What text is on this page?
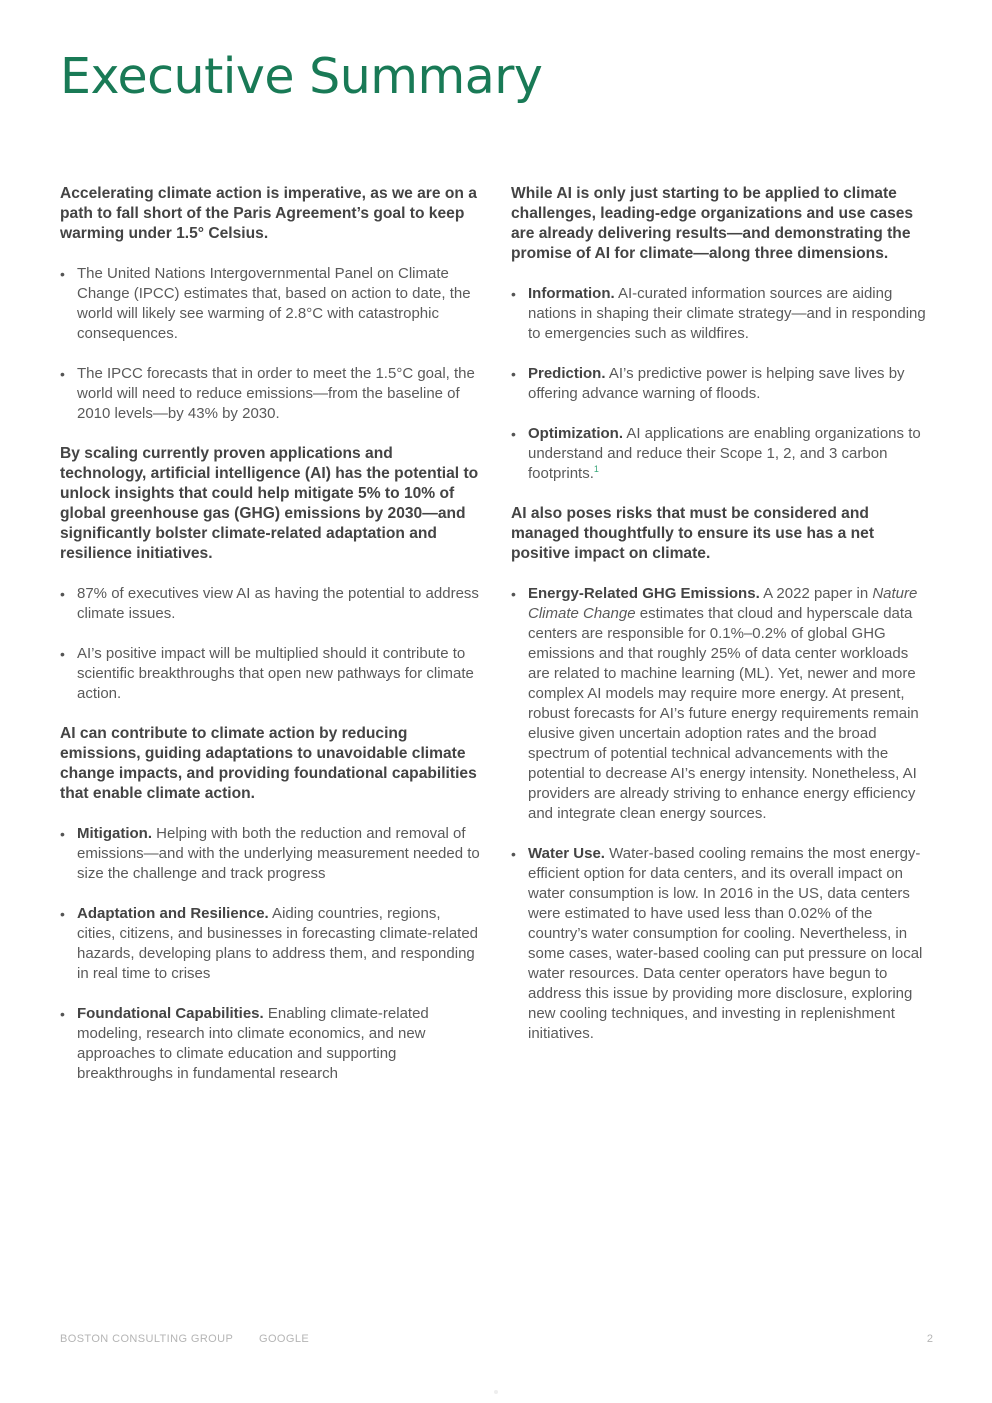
Executive Summary

Accelerating climate action is imperative, as we are on a path to fall short of the Paris Agreement’s goal to keep warming under 1.5° Celsius.

• The United Nations Intergovernmental Panel on Climate Change (IPCC) estimates that, based on action to date, the world will likely see warming of 2.8°C with catastrophic consequences.
• The IPCC forecasts that in order to meet the 1.5°C goal, the world will need to reduce emissions—from the baseline of 2010 levels—by 43% by 2030.

By scaling currently proven applications and technology, artificial intelligence (AI) has the potential to unlock insights that could help mitigate 5% to 10% of global greenhouse gas (GHG) emissions by 2030—and significantly bolster climate-related adaptation and resilience initiatives.

• 87% of executives view AI as having the potential to address climate issues.
• AI’s positive impact will be multiplied should it contribute to scientific breakthroughs that open new pathways for climate action.

AI can contribute to climate action by reducing emissions, guiding adaptations to unavoidable climate change impacts, and providing foundational capabilities that enable climate action.

• Mitigation. Helping with both the reduction and removal of emissions—and with the underlying measurement needed to size the challenge and track progress
• Adaptation and Resilience. Aiding countries, regions, cities, citizens, and businesses in forecasting climate-related hazards, developing plans to address them, and responding in real time to crises
• Foundational Capabilities. Enabling climate-related modeling, research into climate economics, and new approaches to climate education and supporting breakthroughs in fundamental research

While AI is only just starting to be applied to climate challenges, leading-edge organizations and use cases are already delivering results—and demonstrating the promise of AI for climate—along three dimensions.

• Information. AI-curated information sources are aiding nations in shaping their climate strategy—and in responding to emergencies such as wildfires.
• Prediction. AI’s predictive power is helping save lives by offering advance warning of floods.
• Optimization. AI applications are enabling organizations to understand and reduce their Scope 1, 2, and 3 carbon footprints.$^1$

AI also poses risks that must be considered and managed thoughtfully to ensure its use has a net positive impact on climate.

• Energy-Related GHG Emissions. A 2022 paper in Nature Climate Change estimates that cloud and hyperscale data centers are responsible for 0.1%–0.2% of global GHG emissions and that roughly 25% of data center workloads are related to machine learning (ML). Yet, newer and more complex AI models may require more energy. At present, robust forecasts for AI’s future energy requirements remain elusive given uncertain adoption rates and the broad spectrum of potential technical advancements with the potential to decrease AI’s energy intensity. Nonetheless, AI providers are already striving to enhance energy efficiency and integrate clean energy sources.
• Water Use. Water-based cooling remains the most energy-efficient option for data centers, and its overall impact on water consumption is low. In 2016 in the US, data centers were estimated to have used less than 0.02% of the country’s water consumption for cooling. Nevertheless, in some cases, water-based cooling can put pressure on local water resources. Data center operators have begun to address this issue by providing more disclosure, exploring new cooling techniques, and investing in replenishment initiatives.
BOSTON CONSULTING GROUP GOOGLE	2
